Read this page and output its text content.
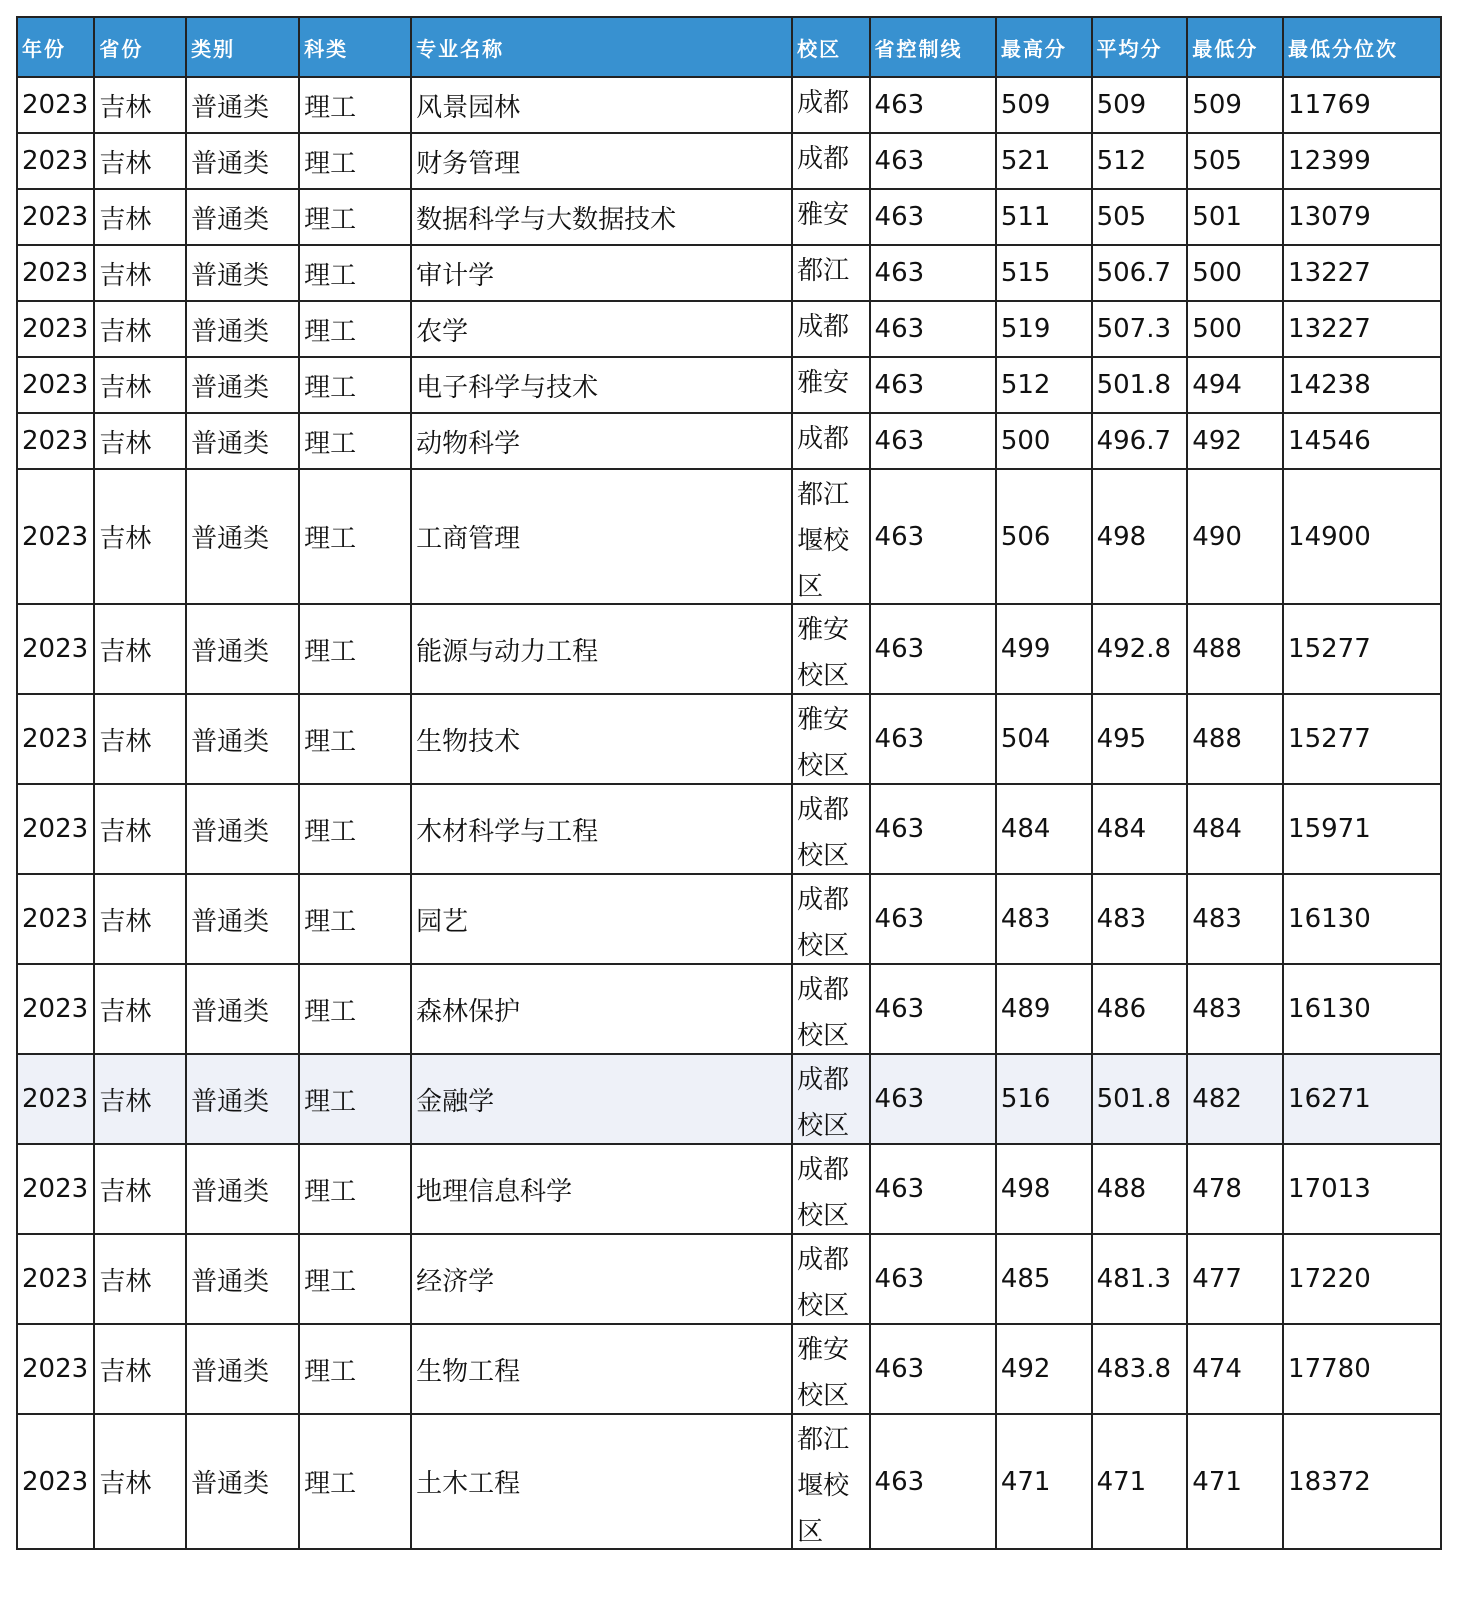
年份	省份	类别	科类	专业名称	校区	省控制线	最高分	平均分	最低分	最低分位次
2023	吉林	普通类	理工	风景园林	成都	463	509	509	509	11769
2023	吉林	普通类	理工	财务管理	成都	463	521	512	505	12399
2023	吉林	普通类	理工	数据科学与大数据技术	雅安	463	511	505	501	13079
2023	吉林	普通类	理工	审计学	都江	463	515	506.7	500	13227
2023	吉林	普通类	理工	农学	成都	463	519	507.3	500	13227
2023	吉林	普通类	理工	电子科学与技术	雅安	463	512	501.8	494	14238
2023	吉林	普通类	理工	动物科学	成都	463	500	496.7	492	14546
2023	吉林	普通类	理工	工商管理	都江堰校区	463	506	498	490	14900
2023	吉林	普通类	理工	能源与动力工程	雅安校区	463	499	492.8	488	15277
2023	吉林	普通类	理工	生物技术	雅安校区	463	504	495	488	15277
2023	吉林	普通类	理工	木材科学与工程	成都校区	463	484	484	484	15971
2023	吉林	普通类	理工	园艺	成都校区	463	483	483	483	16130
2023	吉林	普通类	理工	森林保护	成都校区	463	489	486	483	16130
2023	吉林	普通类	理工	金融学	成都校区	463	516	501.8	482	16271
2023	吉林	普通类	理工	地理信息科学	成都校区	463	498	488	478	17013
2023	吉林	普通类	理工	经济学	成都校区	463	485	481.3	477	17220
2023	吉林	普通类	理工	生物工程	雅安校区	463	492	483.8	474	17780
2023	吉林	普通类	理工	土木工程	都江堰校区	463	471	471	471	18372
